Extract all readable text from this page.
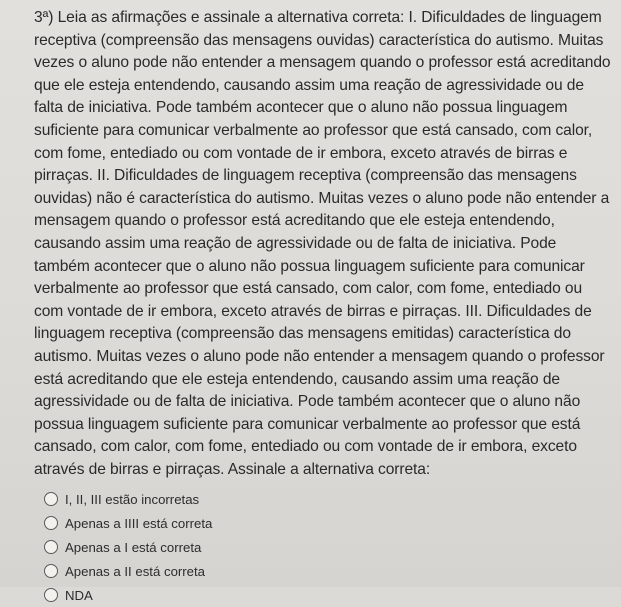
3ª) Leia as afirmações e assinale a alternativa correta: I. Dificuldades de linguagem receptiva (compreensão das mensagens ouvidas) característica do autismo. Muitas vezes o aluno pode não entender a mensagem quando o professor está acreditando que ele esteja entendendo, causando assim uma reação de agressividade ou de falta de iniciativa. Pode também acontecer que o aluno não possua linguagem suficiente para comunicar verbalmente ao professor que está cansado, com calor, com fome, entediado ou com vontade de ir embora, exceto através de birras e pirraças. II. Dificuldades de linguagem receptiva (compreensão das mensagens ouvidas) não é característica do autismo. Muitas vezes o aluno pode não entender a mensagem quando o professor está acreditando que ele esteja entendendo, causando assim uma reação de agressividade ou de falta de iniciativa. Pode também acontecer que o aluno não possua linguagem suficiente para comunicar verbalmente ao professor que está cansado, com calor, com fome, entediado ou com vontade de ir embora, exceto através de birras e pirraças. III. Dificuldades de linguagem receptiva (compreensão das mensagens emitidas) característica do autismo. Muitas vezes o aluno pode não entender a mensagem quando o professor está acreditando que ele esteja entendendo, causando assim uma reação de agressividade ou de falta de iniciativa. Pode também acontecer que o aluno não possua linguagem suficiente para comunicar verbalmente ao professor que está cansado, com calor, com fome, entediado ou com vontade de ir embora, exceto através de birras e pirraças. Assinale a alternativa correta:

I, II, III estão incorretas
Apenas a IIII está correta
Apenas a I está correta
Apenas a II está correta
NDA
